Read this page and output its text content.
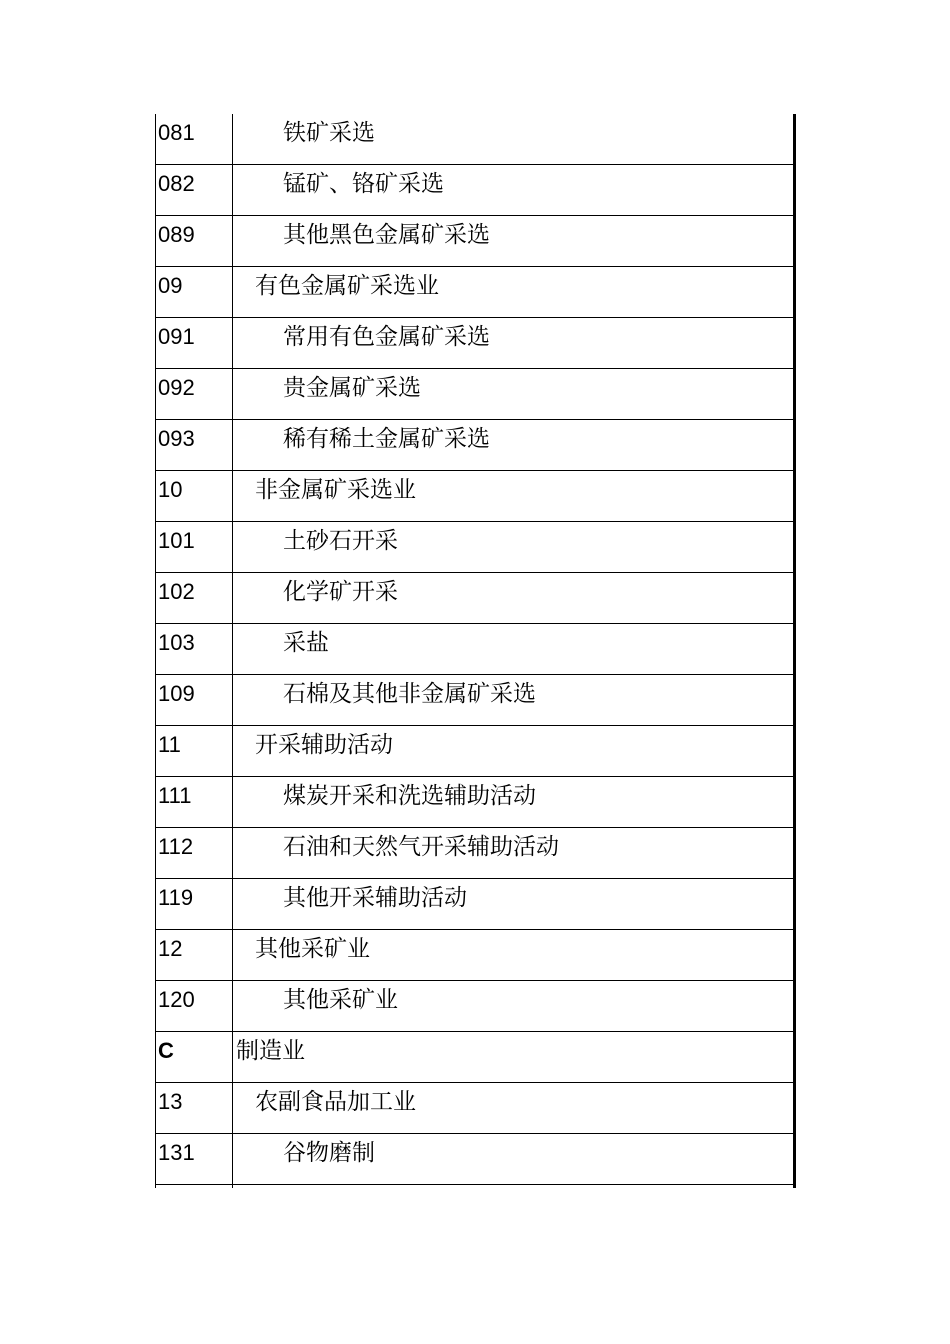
081	铁矿采选
082	锰矿、铬矿采选
089	其他黑色金属矿采选
09	有色金属矿采选业
091	常用有色金属矿采选
092	贵金属矿采选
093	稀有稀土金属矿采选
10	非金属矿采选业
101	土砂石开采
102	化学矿开采
103	采盐
109	石棉及其他非金属矿采选
11	开采辅助活动
111	煤炭开采和洗选辅助活动
112	石油和天然气开采辅助活动
119	其他开采辅助活动
12	其他采矿业
120	其他采矿业
C	制造业
13	农副食品加工业
131	谷物磨制
